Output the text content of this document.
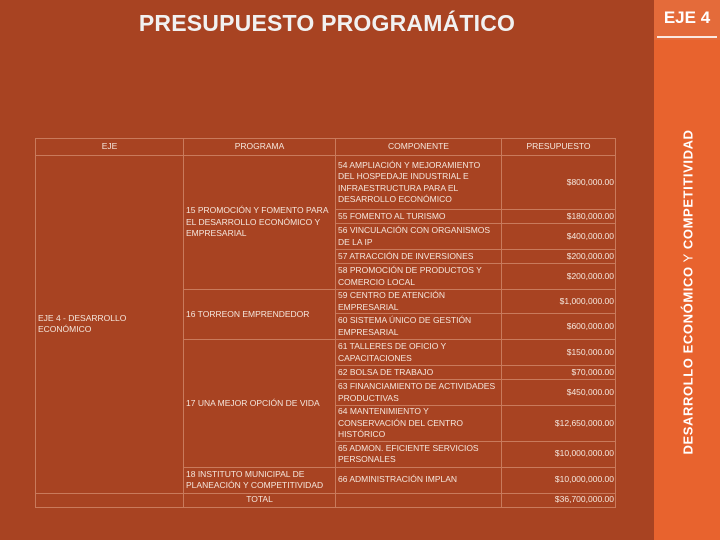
PRESUPUESTO PROGRAMÁTICO	EJE 4
DESARROLLO ECONÓMICO Y COMPETITIVIDAD
EJE	PROGRAMA	COMPONENTE	PRESUPUESTO
EJE 4 - DESARROLLO ECONÓMICO	15 PROMOCIÓN Y FOMENTO PARA EL DESARROLLO ECONÓMICO Y EMPRESARIAL	54 AMPLIACIÓN Y MEJORAMIENTO DEL HOSPEDAJE INDUSTRIAL E INFRAESTRUCTURA PARA EL DESARROLLO ECONÓMICO	$800,000.00
		55 FOMENTO AL TURISMO	$180,000.00
		56 VINCULACIÓN CON ORGANISMOS DE LA IP	$400,000.00
		57 ATRACCIÓN DE INVERSIONES	$200,000.00
		58 PROMOCIÓN DE PRODUCTOS Y COMERCIO LOCAL	$200,000.00
	16 TORREON EMPRENDEDOR	59 CENTRO DE ATENCIÓN EMPRESARIAL	$1,000,000.00
		60 SISTEMA ÚNICO DE GESTIÓN EMPRESARIAL	$600,000.00
	17 UNA MEJOR OPCIÓN DE VIDA	61 TALLERES DE OFICIO Y CAPACITACIONES	$150,000.00
		62 BOLSA DE TRABAJO	$70,000.00
		63 FINANCIAMIENTO DE ACTIVIDADES PRODUCTIVAS	$450,000.00
		64 MANTENIMIENTO Y CONSERVACIÓN DEL CENTRO HISTÓRICO	$12,650,000.00
		65 ADMON. EFICIENTE SERVICIOS PERSONALES	$10,000,000.00
	18 INSTITUTO MUNICIPAL DE PLANEACIÓN Y COMPETITIVIDAD	66 ADMINISTRACIÓN IMPLAN	$10,000,000.00
	TOTAL		$36,700,000.00
